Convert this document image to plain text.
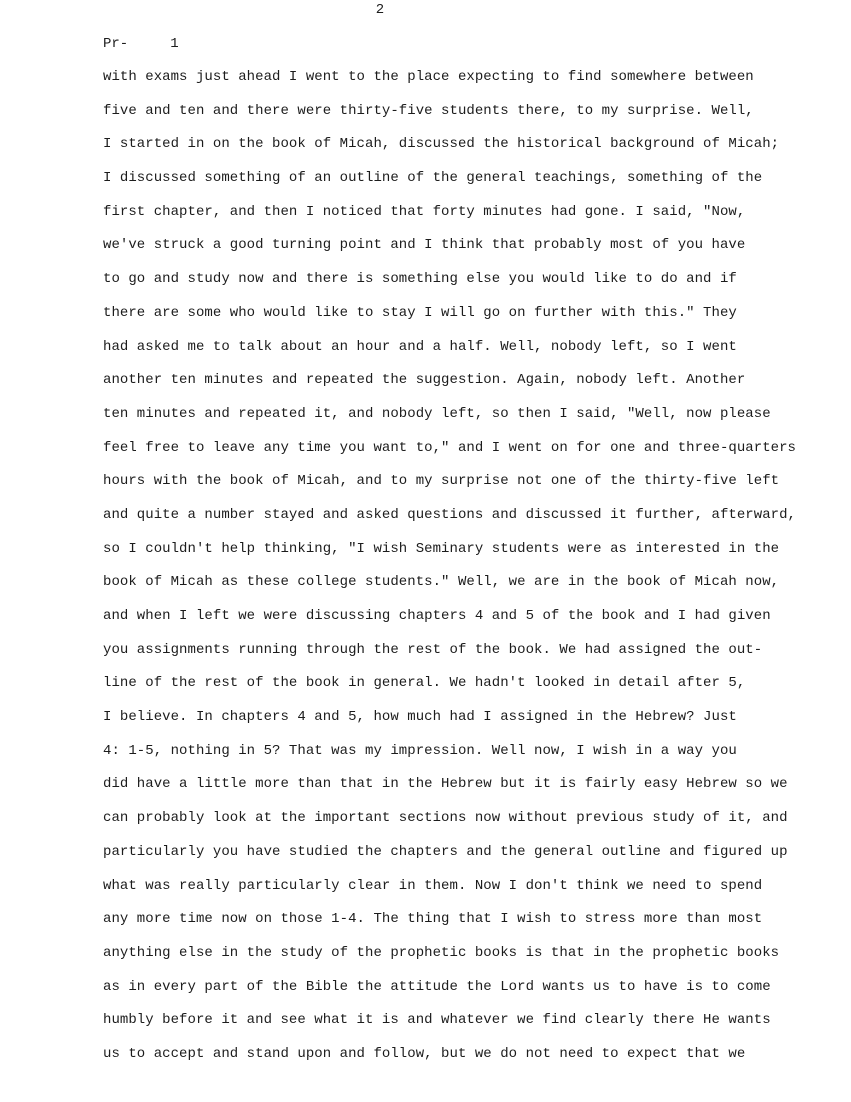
2
Pr-     1
with exams just ahead I went to the place expecting to find somewhere between
five and ten and there were thirty-five students there, to my surprise. Well,
I started in on the book of Micah, discussed the historical background of Micah;
I discussed something of an outline of the general teachings, something of the
first chapter, and then I noticed that forty minutes had gone. I said, "Now,
we've struck a good turning point and I think that probably most of you have
to go and study now and there is something else you would like to do and if
there are some who would like to stay I will go on further with this." They
had asked me to talk about an hour and a half. Well, nobody left, so I went
another ten minutes and repeated the suggestion. Again, nobody left. Another
ten minutes and repeated it, and nobody left, so then I said, "Well, now please
feel free to leave any time you want to," and I went on for one and three-quarters
hours with the book of Micah, and to my surprise not one of the thirty-five left
and quite a number stayed and asked questions and discussed it further, afterward,
so I couldn't help thinking, "I wish Seminary students were as interested in the
book of Micah as these college students." Well, we are in the book of Micah now,
and when I left we were discussing chapters 4 and 5 of the book and I had given
you assignments running through the rest of the book. We had assigned the out-
line of the rest of the book in general. We hadn't looked in detail after 5,
I believe. In chapters 4 and 5, how much had I assigned in the Hebrew? Just
4: 1-5, nothing in 5? That was my impression. Well now, I wish in a way you
did have a little more than that in the Hebrew but it is fairly easy Hebrew so we
can probably look at the important sections now without previous study of it, and
particularly you have studied the chapters and the general outline and figured up
what was really particularly clear in them. Now I don't think we need to spend
any more time now on those 1-4. The thing that I wish to stress more than most
anything else in the study of the prophetic books is that in the prophetic books
as in every part of the Bible the attitude the Lord wants us to have is to come
humbly before it and see what it is and whatever we find clearly there He wants
us to accept and stand upon and follow, but we do not need to expect that we
